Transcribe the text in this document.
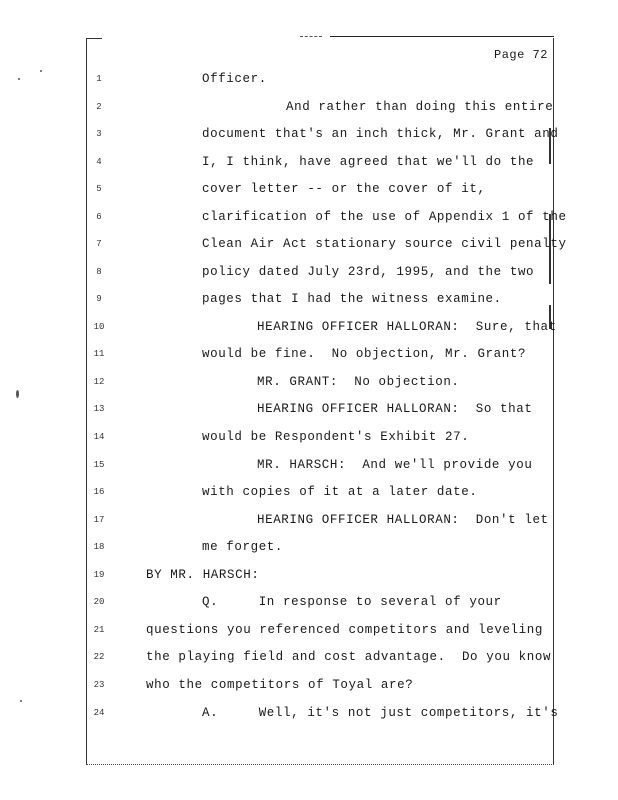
Page 72
1	Officer.
2	And rather than doing this entire
3	document that's an inch thick, Mr. Grant and
4	I, I think, have agreed that we'll do the
5	cover letter -- or the cover of it,
6	clarification of the use of Appendix 1 of the
7	Clean Air Act stationary source civil penalty
8	policy dated July 23rd, 1995, and the two
9	pages that I had the witness examine.
10	HEARING OFFICER HALLORAN:  Sure, that
11	would be fine.  No objection, Mr. Grant?
12	MR. GRANT:  No objection.
13	HEARING OFFICER HALLORAN:  So that
14	would be Respondent's Exhibit 27.
15	MR. HARSCH:  And we'll provide you
16	with copies of it at a later date.
17	HEARING OFFICER HALLORAN:  Don't let
18	me forget.
19	BY MR. HARSCH:
20	Q.     In response to several of your
21	questions you referenced competitors and leveling
22	the playing field and cost advantage.  Do you know
23	who the competitors of Toyal are?
24	A.     Well, it's not just competitors, it's
